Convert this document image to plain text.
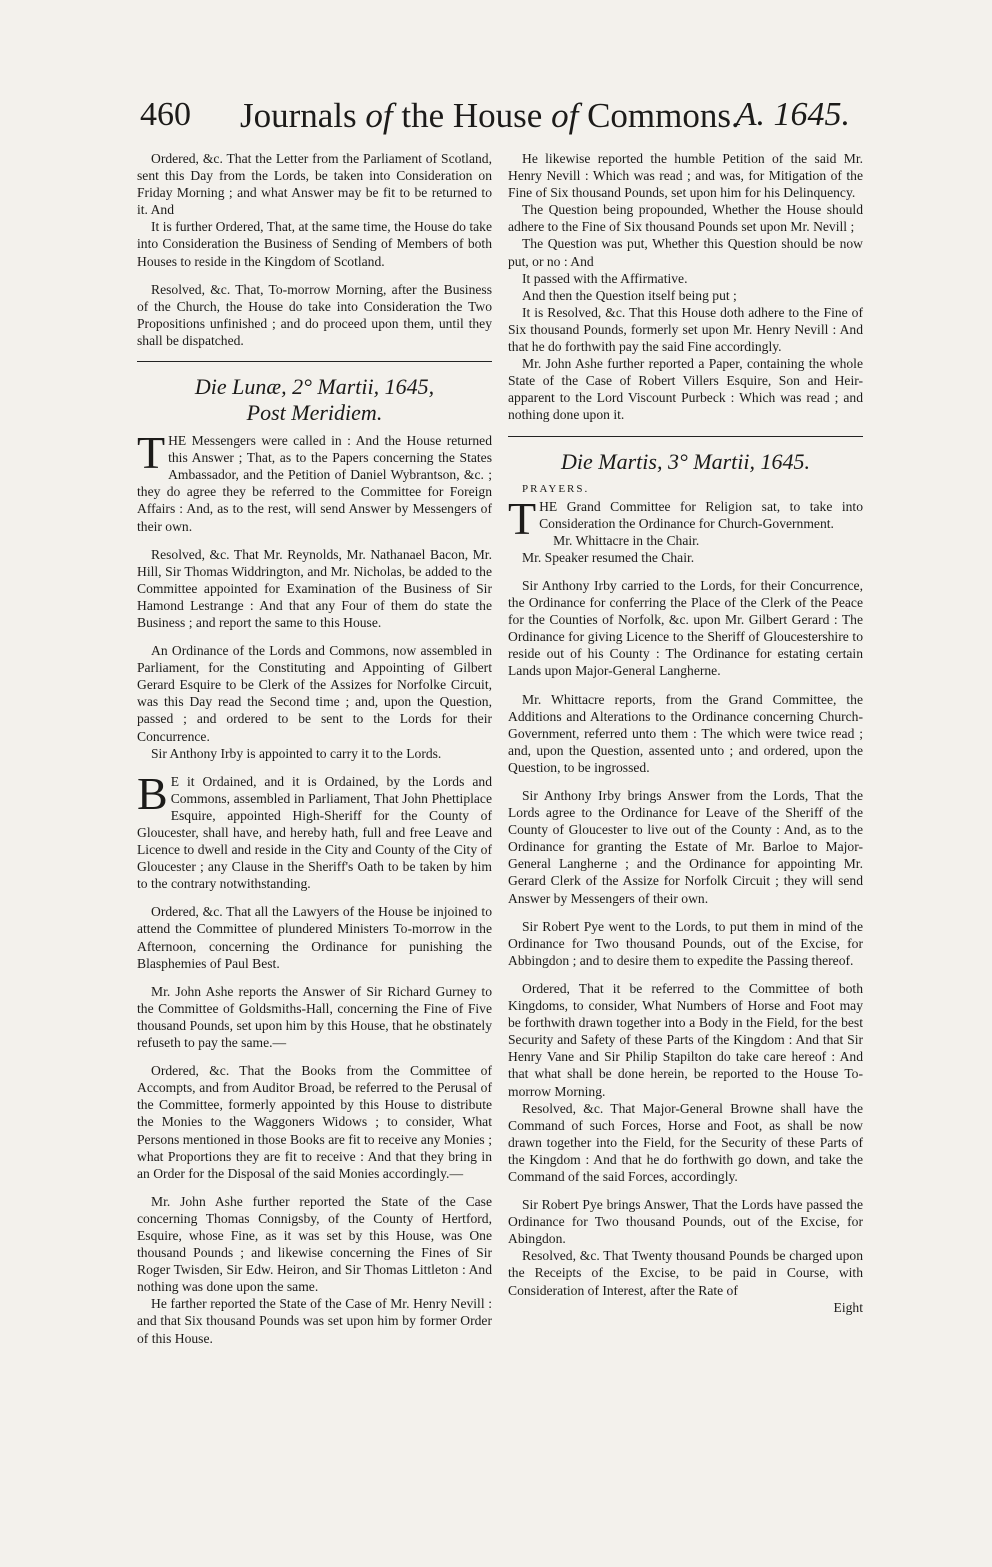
460 Journals of the House of Commons.
A. 1645.

Ordered, &c. That the Letter from the Parliament of Scotland, sent this Day from the Lords, be taken into Consideration on Friday Morning ; and what Answer may be fit to be returned to it. And

It is further Ordered, That, at the same time, the House do take into Consideration the Business of Sending of Members of both Houses to reside in the Kingdom of Scotland.

Resolved, &c. That, To-morrow Morning, after the Business of the Church, the House do take into Consideration the Two Propositions unfinished ; and do proceed upon them, until they shall be dispatched.

Die Lunæ, 2° Martii, 1645,
Post Meridiem.

THE Messengers were called in : And the House returned this Answer ; That, as to the Papers concerning the States Ambassador, and the Petition of Daniel Wybrantson, &c. ; they do agree they be referred to the Committee for Foreign Affairs : And, as to the rest, will send Answer by Messengers of their own.

Resolved, &c. That Mr. Reynolds, Mr. Nathanael Bacon, Mr. Hill, Sir Thomas Widdrington, and Mr. Nicholas, be added to the Committee appointed for Examination of the Business of Sir Hamond Lestrange : And that any Four of them do state the Business ; and report the same to this House.

An Ordinance of the Lords and Commons, now assembled in Parliament, for the Constituting and Appointing of Gilbert Gerard Esquire to be Clerk of the Assizes for Norfolke Circuit, was this Day read the Second time ; and, upon the Question, passed ; and ordered to be sent to the Lords for their Concurrence.

Sir Anthony Irby is appointed to carry it to the Lords.

B E it Ordained, and it is Ordained, by the Lords and Commons, assembled in Parliament, That John Phettiplace Esquire, appointed High-Sheriff for the County of Gloucester, shall have, and hereby hath, full and free Leave and Licence to dwell and reside in the City and County of the City of Gloucester ; any Clause in the Sheriff's Oath to be taken by him to the contrary notwithstanding.

Ordered, &c. That all the Lawyers of the House be injoined to attend the Committee of plundered Ministers To-morrow in the Afternoon, concerning the Ordinance for punishing the Blasphemies of Paul Best.

Mr. John Ashe reports the Answer of Sir Richard Gurney to the Committee of Goldsmiths-Hall, concerning the Fine of Five thousand Pounds, set upon him by this House, that he obstinately refuseth to pay the same.—

Ordered, &c. That the Books from the Committee of Accompts, and from Auditor Broad, be referred to the Perusal of the Committee, formerly appointed by this House to distribute the Monies to the Waggoners Widows ; to consider, What Persons mentioned in those Books are fit to receive any Monies ; what Proportions they are fit to receive : And that they bring in an Order for the Disposal of the said Monies accordingly.—

Mr. John Ashe further reported the State of the Case concerning Thomas Connigsby, of the County of Hertford, Esquire, whose Fine, as it was set by this House, was One thousand Pounds ; and likewise concerning the Fines of Sir Roger Twisden, Sir Edw. Heiron, and Sir Thomas Littleton : And nothing was done upon the same.

He farther reported the State of the Case of Mr. Henry Nevill : and that Six thousand Pounds was set upon him by former Order of this House.

He likewise reported the humble Petition of the said Mr. Henry Nevill : Which was read ; and was, for Mitigation of the Fine of Six thousand Pounds, set upon him for his Delinquency.

The Question being propounded, Whether the House should adhere to the Fine of Six thousand Pounds set upon Mr. Nevill ;

The Question was put, Whether this Question should be now put, or no : And

It passed with the Affirmative.

And then the Question itself being put ;

It is Resolved, &c. That this House doth adhere to the Fine of Six thousand Pounds, formerly set upon Mr. Henry Nevill : And that he do forthwith pay the said Fine accordingly.

Mr. John Ashe further reported a Paper, containing the whole State of the Case of Robert Villers Esquire, Son and Heir-apparent to the Lord Viscount Purbeck : Which was read ; and nothing done upon it.

Die Martis, 3° Martii, 1645.

PRAYERS.

THE Grand Committee for Religion sat, to take into Consideration the Ordinance for Church-Government.

Mr. Whittacre in the Chair.

Mr. Speaker resumed the Chair.

Sir Anthony Irby carried to the Lords, for their Concurrence, the Ordinance for conferring the Place of the Clerk of the Peace for the Counties of Norfolk, &c. upon Mr. Gilbert Gerard : The Ordinance for giving Licence to the Sheriff of Gloucestershire to reside out of his County : The Ordinance for estating certain Lands upon Major-General Langherne.

Mr. Whittacre reports, from the Grand Committee, the Additions and Alterations to the Ordinance concerning Church-Government, referred unto them : The which were twice read ; and, upon the Question, assented unto ; and ordered, upon the Question, to be ingrossed.

Sir Anthony Irby brings Answer from the Lords, That the Lords agree to the Ordinance for Leave of the Sheriff of the County of Gloucester to live out of the County : And, as to the Ordinance for granting the Estate of Mr. Barloe to Major-General Langherne ; and the Ordinance for appointing Mr. Gerard Clerk of the Assize for Norfolk Circuit ; they will send Answer by Messengers of their own.

Sir Robert Pye went to the Lords, to put them in mind of the Ordinance for Two thousand Pounds, out of the Excise, for Abbingdon ; and to desire them to expedite the Passing thereof.

Ordered, That it be referred to the Committee of both Kingdoms, to consider, What Numbers of Horse and Foot may be forthwith drawn together into a Body in the Field, for the best Security and Safety of these Parts of the Kingdom : And that Sir Henry Vane and Sir Philip Stapilton do take care hereof : And that what shall be done herein, be reported to the House To-morrow Morning.

Resolved, &c. That Major-General Browne shall have the Command of such Forces, Horse and Foot, as shall be now drawn together into the Field, for the Security of these Parts of the Kingdom : And that he do forthwith go down, and take the Command of the said Forces, accordingly.

Sir Robert Pye brings Answer, That the Lords have passed the Ordinance for Two thousand Pounds, out of the Excise, for Abingdon.

Resolved, &c. That Twenty thousand Pounds be charged upon the Receipts of the Excise, to be paid in Course, with Consideration of Interest, after the Rate of

Eight
